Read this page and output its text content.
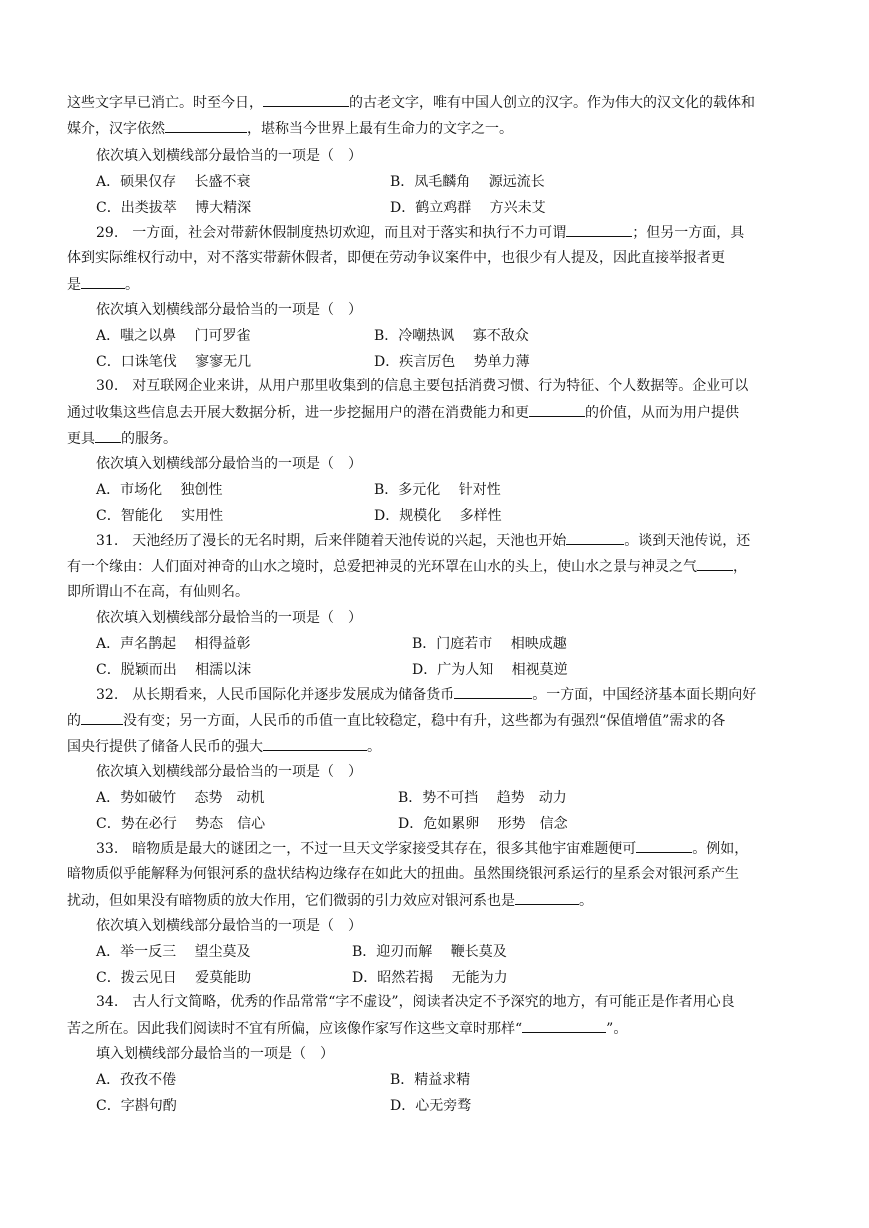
这些文字早已消亡。时至今日，	的古老文字，唯有中国人创立的汉字。作为伟大的汉文化的载体和
媒介，汉字依然	，堪称当今世界上最有生命力的文字之一。
依次填入划横线部分最恰当的一项是（　）
A．硕果仅存　 长盛不衰	B．凤毛麟角　 源远流长
C．出类拔萃　 博大精深	D．鹤立鸡群　 方兴未艾
29.　一方面，社会对带薪休假制度热切欢迎，而且对于落实和执行不力可谓	；但另一方面，具
体到实际维权行动中，对不落实带薪休假者，即便在劳动争议案件中，也很少有人提及，因此直接举报者更
是	。
依次填入划横线部分最恰当的一项是（　）
A．嗤之以鼻　 门可罗雀	B．冷嘲热讽　 寡不敌众
C．口诛笔伐　 寥寥无几	D．疾言厉色　 势单力薄
30.　对互联网企业来讲，从用户那里收集到的信息主要包括消费习惯、行为特征、个人数据等。企业可以
通过收集这些信息去开展大数据分析，进一步挖掘用户的潜在消费能力和更	的价值，从而为用户提供
更具 的服务。
依次填入划横线部分最恰当的一项是（　）
A．市场化　 独创性	B．多元化　 针对性
C．智能化　 实用性	D．规模化　 多样性
31.　天池经历了漫长的无名时期，后来伴随着天池传说的兴起，天池也开始	。谈到天池传说，还
有一个缘由：人们面对神奇的山水之境时，总爱把神灵的光环罩在山水的头上，使山水之景与神灵之气	，
即所谓山不在高，有仙则名。
依次填入划横线部分最恰当的一项是（　）
A．声名鹊起　 相得益彰	B．门庭若市　 相映成趣
C．脱颖而出　 相濡以沫	D．广为人知　 相视莫逆
32.　从长期看来，人民币国际化并逐步发展成为储备货币	。一方面，中国经济基本面长期向好
的	没有变；另一方面，人民币的币值一直比较稳定，稳中有升，这些都为有强烈“保值增值”需求的各
国央行提供了储备人民币的强大	。
依次填入划横线部分最恰当的一项是（　）
A．势如破竹　 态势　动机	B．势不可挡　 趋势　动力
C．势在必行　 势态　信心	D．危如累卵　 形势　信念
33.　暗物质是最大的谜团之一，不过一旦天文学家接受其存在，很多其他宇宙难题便可	。例如，
暗物质似乎能解释为何银河系的盘状结构边缘存在如此大的扭曲。虽然围绕银河系运行的星系会对银河系产生
扰动，但如果没有暗物质的放大作用，它们微弱的引力效应对银河系也是	。
依次填入划横线部分最恰当的一项是（　）
A．举一反三　 望尘莫及	B．迎刃而解　 鞭长莫及
C．拨云见日　 爱莫能助	D．昭然若揭　 无能为力
34.　古人行文简略，优秀的作品常常“字不虚设”，阅读者决定不予深究的地方，有可能正是作者用心良
苦之所在。因此我们阅读时不宜有所偏，应该像作家写作这些文章时那样“	”。
填入划横线部分最恰当的一项是（　）
A．孜孜不倦	B．精益求精
C．字斟句酌	D．心无旁骛
